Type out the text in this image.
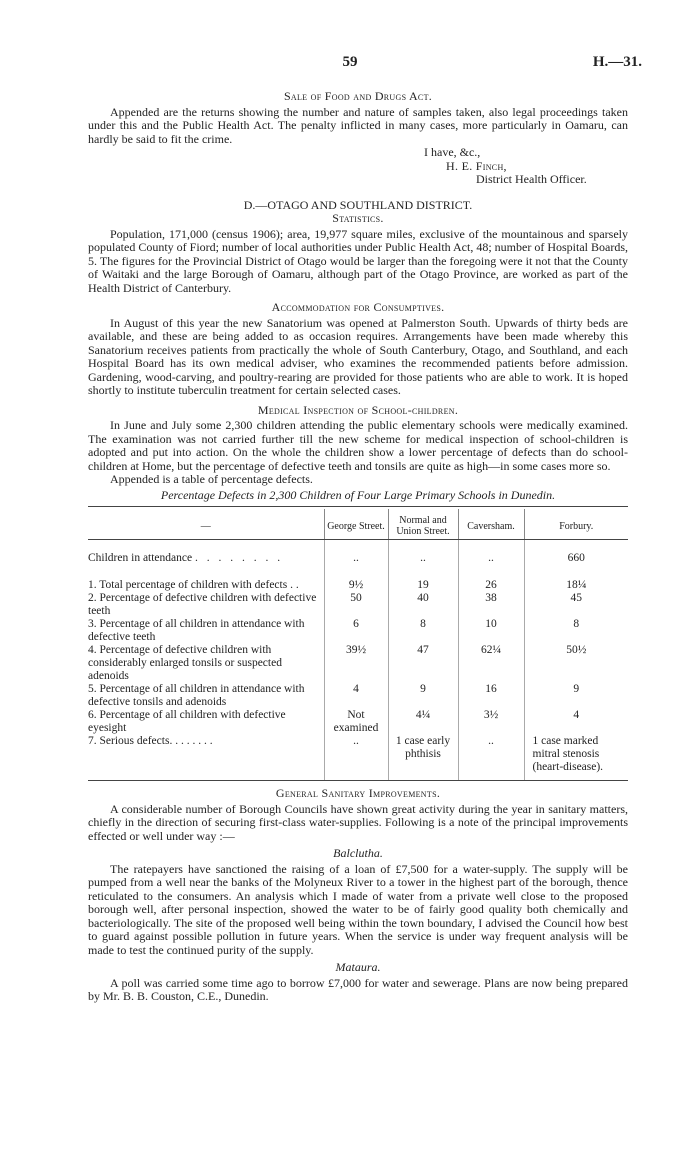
59	H.—31.
Sale of Food and Drugs Act.

Appended are the returns showing the number and nature of samples taken, also legal proceedings taken under this and the Public Health Act. The penalty inflicted in many cases, more particularly in Oamaru, can hardly be said to fit the crime.

I have, &c.,
H. E. Finch,
District Health Officer.
D.—OTAGO AND SOUTHLAND DISTRICT.
Statistics.

Population, 171,000 (census 1906); area, 19,977 square miles, exclusive of the mountainous and sparsely populated County of Fiord; number of local authorities under Public Health Act, 48; number of Hospital Boards, 5. The figures for the Provincial District of Otago would be larger than the foregoing were it not that the County of Waitaki and the large Borough of Oamaru, although part of the Otago Province, are worked as part of the Health District of Canterbury.

Accommodation for Consumptives.

In August of this year the new Sanatorium was opened at Palmerston South. Upwards of thirty beds are available, and these are being added to as occasion requires. Arrangements have been made whereby this Sanatorium receives patients from practically the whole of South Canterbury, Otago, and Southland, and each Hospital Board has its own medical adviser, who examines the recommended patients before admission. Gardening, wood-carving, and poultry-rearing are provided for those patients who are able to work. It is hoped shortly to institute tuberculin treatment for certain selected cases.

Medical Inspection of School-children.

In June and July some 2,300 children attending the public elementary schools were medically examined. The examination was not carried further till the new scheme for medical inspection of school-children is adopted and put into action. On the whole the children show a lower percentage of defects than do school-children at Home, but the percentage of defective teeth and tonsils are quite as high—in some cases more so.

Appended is a table of percentage defects.

Percentage Defects in 2,300 Children of Four Large Primary Schools in Dunedin.
—	George Street.	Normal and Union Street.	Caversham.	Forbury.
Children in attendance . . . . . . . .	..	..	..	660
1. Total percentage of children with defects . .	9½	19	26	18¼
2. Percentage of defective children with defective teeth	50	40	38	45
3. Percentage of all children in attendance with defective teeth	6	8	10	8
4. Percentage of defective children with considerably enlarged tonsils or suspected adenoids	39½	47	62¼	50½
5. Percentage of all children in attendance with defective tonsils and adenoids	4	9	16	9
6. Percentage of all children with defective eyesight	Not examined	4¼	3½	4
7. Serious defects. . . . . . . .	..	1 case early phthisis	..	1 case marked mitral stenosis (heart-disease).
General Sanitary Improvements.

A considerable number of Borough Councils have shown great activity during the year in sanitary matters, chiefly in the direction of securing first-class water-supplies. Following is a note of the principal improvements effected or well under way :—

Balclutha.

The ratepayers have sanctioned the raising of a loan of £7,500 for a water-supply. The supply will be pumped from a well near the banks of the Molyneux River to a tower in the highest part of the borough, thence reticulated to the consumers. An analysis which I made of water from a private well close to the proposed borough well, after personal inspection, showed the water to be of fairly good quality both chemically and bacteriologically. The site of the proposed well being within the town boundary, I advised the Council how best to guard against possible pollution in future years. When the service is under way frequent analysis will be made to test the continued purity of the supply.

Mataura.

A poll was carried some time ago to borrow £7,000 for water and sewerage. Plans are now being prepared by Mr. B. B. Couston, C.E., Dunedin.
